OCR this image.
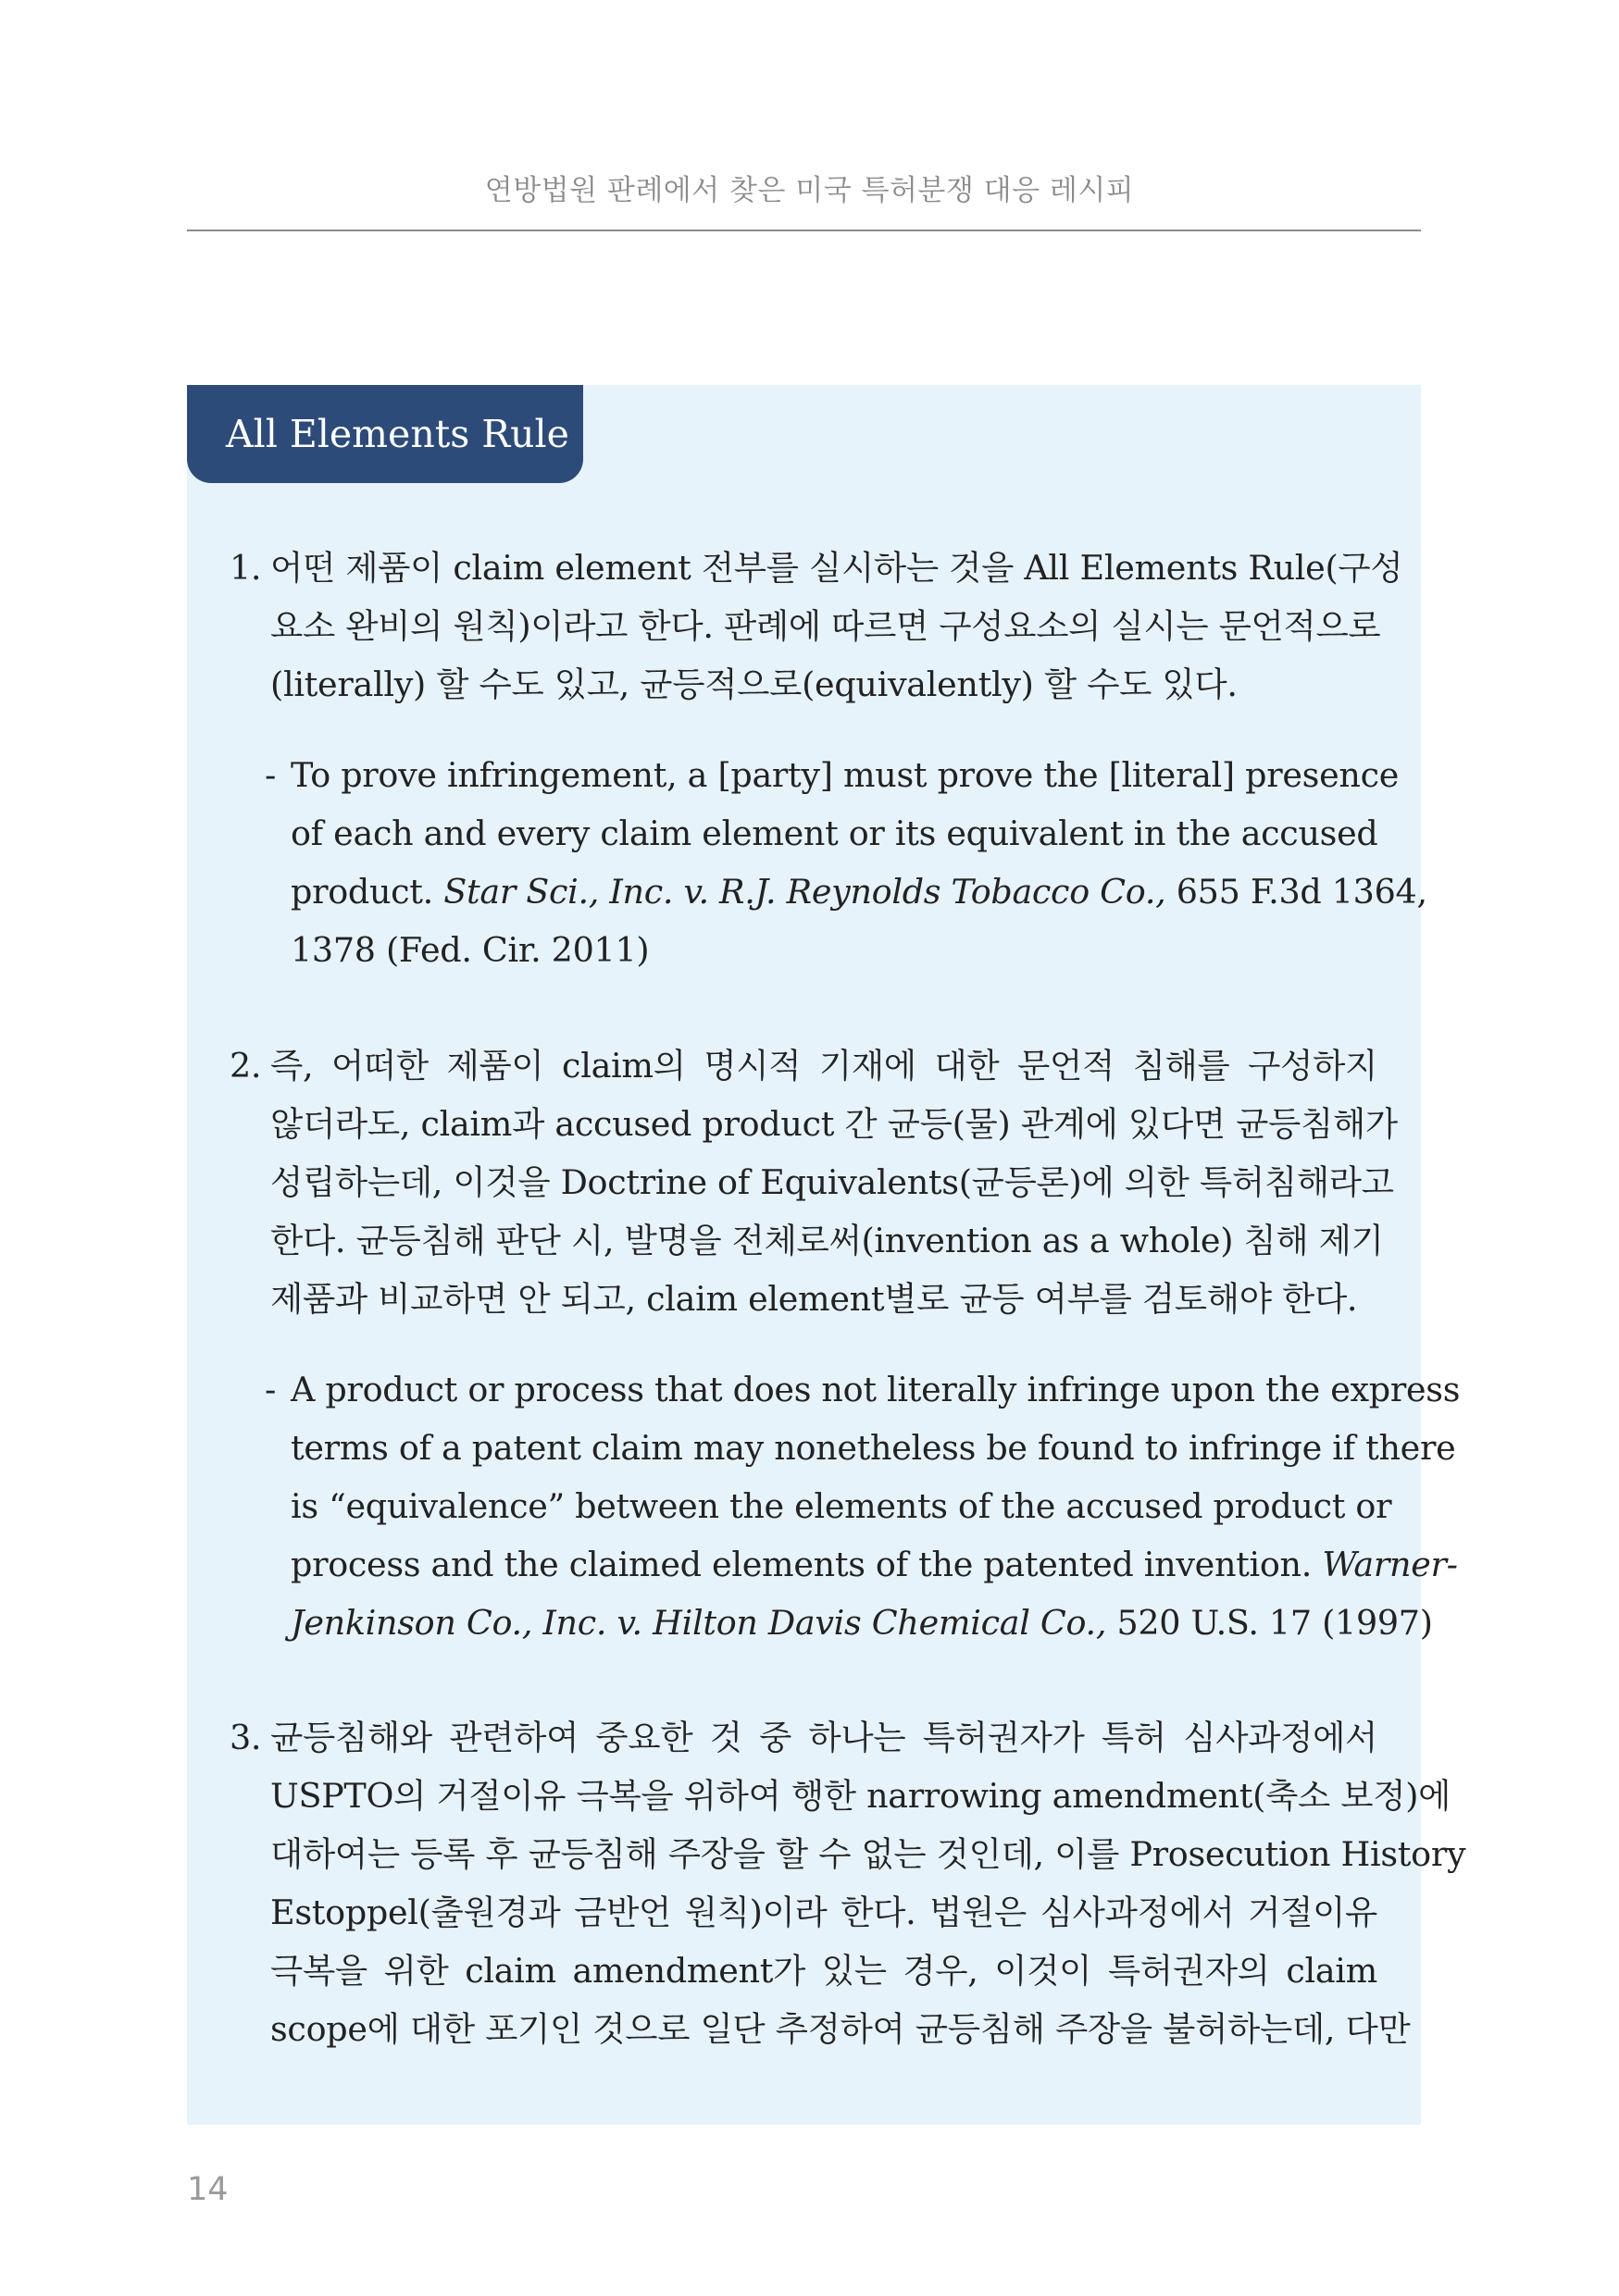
연방법원 판례에서 찾은 미국 특허분쟁 대응 레시피
All Elements Rule
1. 어떤 제품이 claim element 전부를 실시하는 것을 All Elements Rule(구성
요소 완비의 원칙)이라고 한다. 판례에 따르면 구성요소의 실시는 문언적으로
(literally) 할 수도 있고, 균등적으로(equivalently) 할 수도 있다.
- To prove infringement, a [party] must prove the [literal] presence
of each and every claim element or its equivalent in the accused
product. Star Sci., Inc. v. R.J. Reynolds Tobacco Co., 655 F.3d 1364,
1378 (Fed. Cir. 2011)
2. 즉, 어떠한 제품이 claim의 명시적 기재에 대한 문언적 침해를 구성하지
않더라도, claim과 accused product 간 균등(물) 관계에 있다면 균등침해가
성립하는데, 이것을 Doctrine of Equivalents(균등론)에 의한 특허침해라고
한다. 균등침해 판단 시, 발명을 전체로써(invention as a whole) 침해 제기
제품과 비교하면 안 되고, claim element별로 균등 여부를 검토해야 한다.
- A product or process that does not literally infringe upon the express
terms of a patent claim may nonetheless be found to infringe if there
is “equivalence” between the elements of the accused product or
process and the claimed elements of the patented invention. Warner-
Jenkinson Co., Inc. v. Hilton Davis Chemical Co., 520 U.S. 17 (1997)
3. 균등침해와 관련하여 중요한 것 중 하나는 특허권자가 특허 심사과정에서
USPTO의 거절이유 극복을 위하여 행한 narrowing amendment(축소 보정)에
대하여는 등록 후 균등침해 주장을 할 수 없는 것인데, 이를 Prosecution History
Estoppel(출원경과 금반언 원칙)이라 한다. 법원은 심사과정에서 거절이유
극복을 위한 claim amendment가 있는 경우, 이것이 특허권자의 claim
scope에 대한 포기인 것으로 일단 추정하여 균등침해 주장을 불허하는데, 다만
14
